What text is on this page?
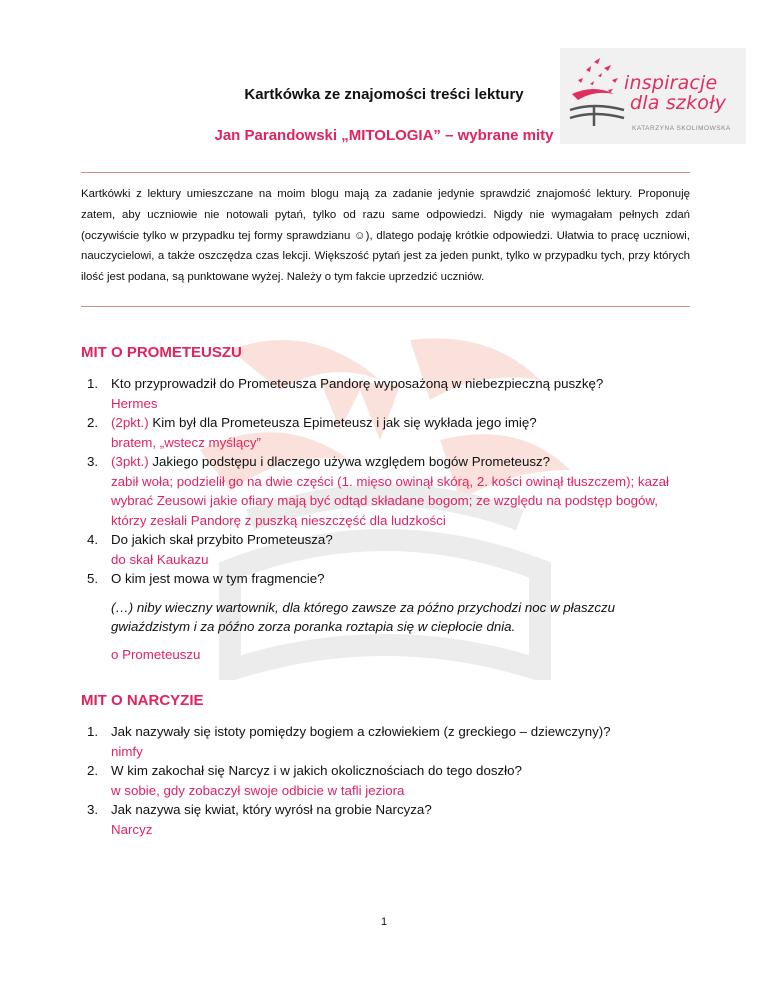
inspiracje
dla szkoły
KATARZYNA SKOLIMOWSKA
Kartkówka ze znajomości treści lektury
Jan Parandowski „MITOLOGIA” – wybrane mity
Kartkówki z lektury umieszczane na moim blogu mają za zadanie jedynie sprawdzić znajomość lektury. Proponuję zatem, aby uczniowie nie notowali pytań, tylko od razu same odpowiedzi. Nigdy nie wymagałam pełnych zdań (oczywiście tylko w przypadku tej formy sprawdzianu ☺), dlatego podaję krótkie odpowiedzi. Ułatwia to pracę uczniowi, nauczycielowi, a także oszczędza czas lekcji. Większość pytań jest za jeden punkt, tylko w przypadku tych, przy których ilość jest podana, są punktowane wyżej. Należy o tym fakcie uprzedzić uczniów.
MIT O PROMETEUSZU
1. Kto przyprowadził do Prometeusza Pandorę wyposażoną w niebezpieczną puszkę?
Hermes
2. (2pkt.) Kim był dla Prometeusza Epimeteusz i jak się wykłada jego imię?
bratem, „wstecz myślący”
3. (3pkt.) Jakiego podstępu i dlaczego używa względem bogów Prometeusz?
zabił woła; podzielił go na dwie części (1. mięso owinął skórą, 2. kości owinął tłuszczem); kazał wybrać Zeusowi jakie ofiary mają być odtąd składane bogom; ze względu na podstęp bogów, którzy zesłali Pandorę z puszką nieszczęść dla ludzkości
4. Do jakich skał przybito Prometeusza?
do skał Kaukazu
5. O kim jest mowa w tym fragmencie?
(…) niby wieczny wartownik, dla którego zawsze za późno przychodzi noc w płaszczu gwiaździstym i za późno zorza poranka roztapia się w ciepłocie dnia.
o Prometeuszu
MIT O NARCYZIE
1. Jak nazywały się istoty pomiędzy bogiem a człowiekiem (z greckiego – dziewczyny)?
nimfy
2. W kim zakochał się Narcyz i w jakich okolicznościach do tego doszło?
w sobie, gdy zobaczył swoje odbicie w tafli jeziora
3. Jak nazywa się kwiat, który wyrósł na grobie Narcyza?
Narcyz
1
